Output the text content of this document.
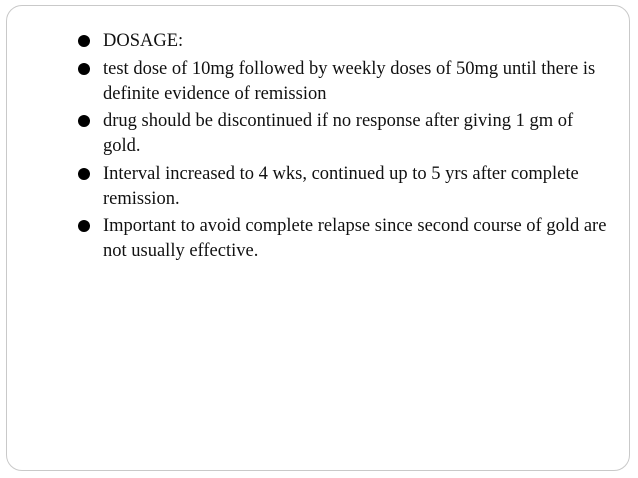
DOSAGE:
test dose of 10mg followed by weekly doses of 50mg until there is definite evidence of remission
drug should be discontinued if no response after giving 1 gm of gold.
Interval increased to 4 wks, continued up to 5 yrs after complete remission.
Important to avoid complete relapse since second course of gold are not usually effective.
